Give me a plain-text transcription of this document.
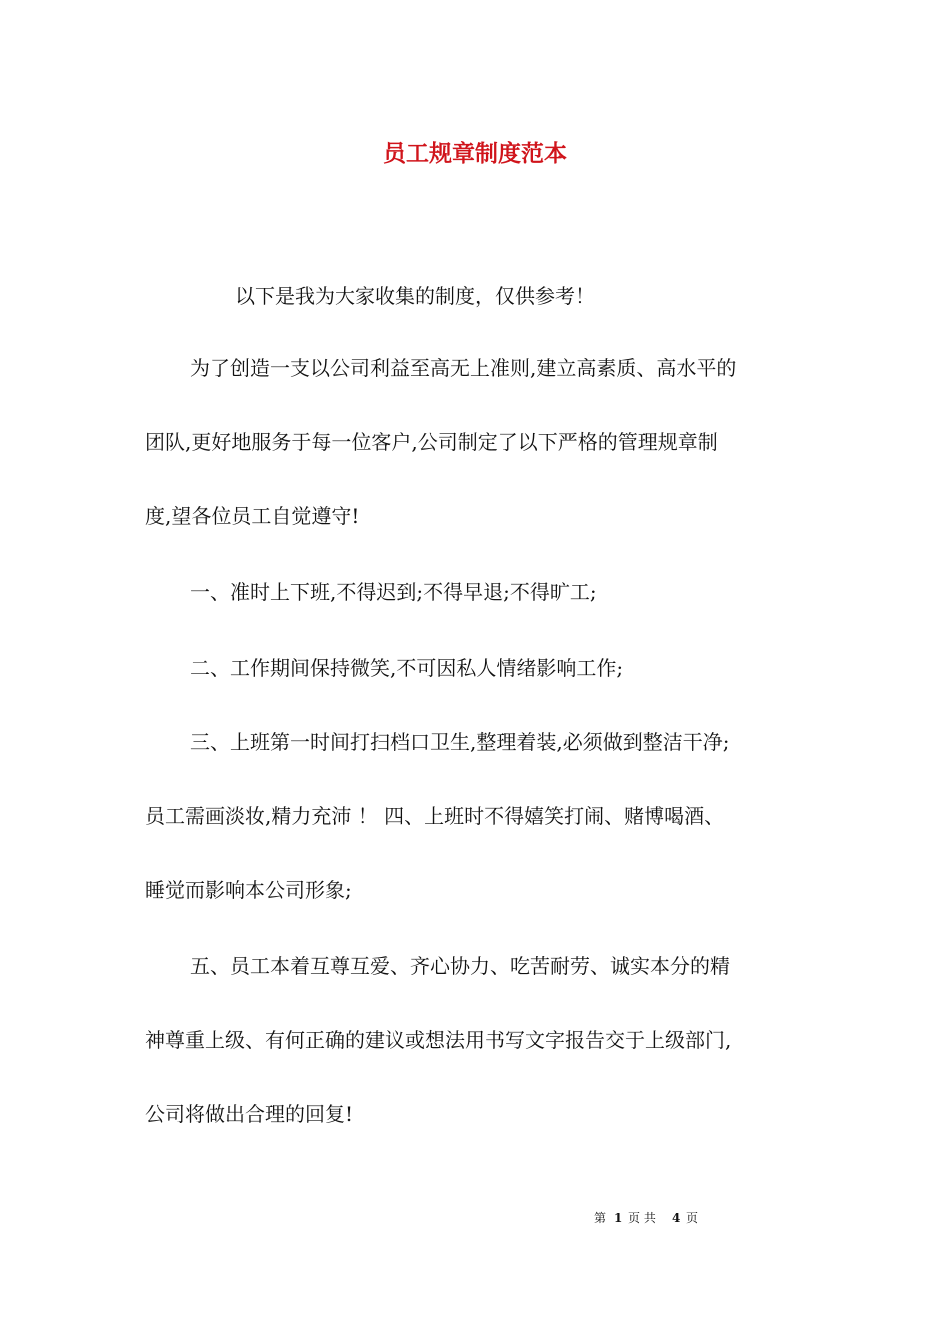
员工规章制度范本
以下是我为大家收集的制度，仅供参考！
为了创造一支以公司利益至高无上准则,建立高素质、高水平的
团队,更好地服务于每一位客户,公司制定了以下严格的管理规章制
度,望各位员工自觉遵守!
一、准时上下班,不得迟到;不得早退;不得旷工;
二、工作期间保持微笑,不可因私人情绪影响工作;
三、上班第一时间打扫档口卫生,整理着装,必须做到整洁干净;
员工需画淡妆,精力充沛 ！ 四、上班时不得嬉笑打闹、赌博喝酒、
睡觉而影响本公司形象;
五、员工本着互尊互爱、齐心协力、吃苦耐劳、诚实本分的精
神尊重上级、有何正确的建议或想法用书写文字报告交于上级部门,
公司将做出合理的回复!
第 1 页 共 4 页
